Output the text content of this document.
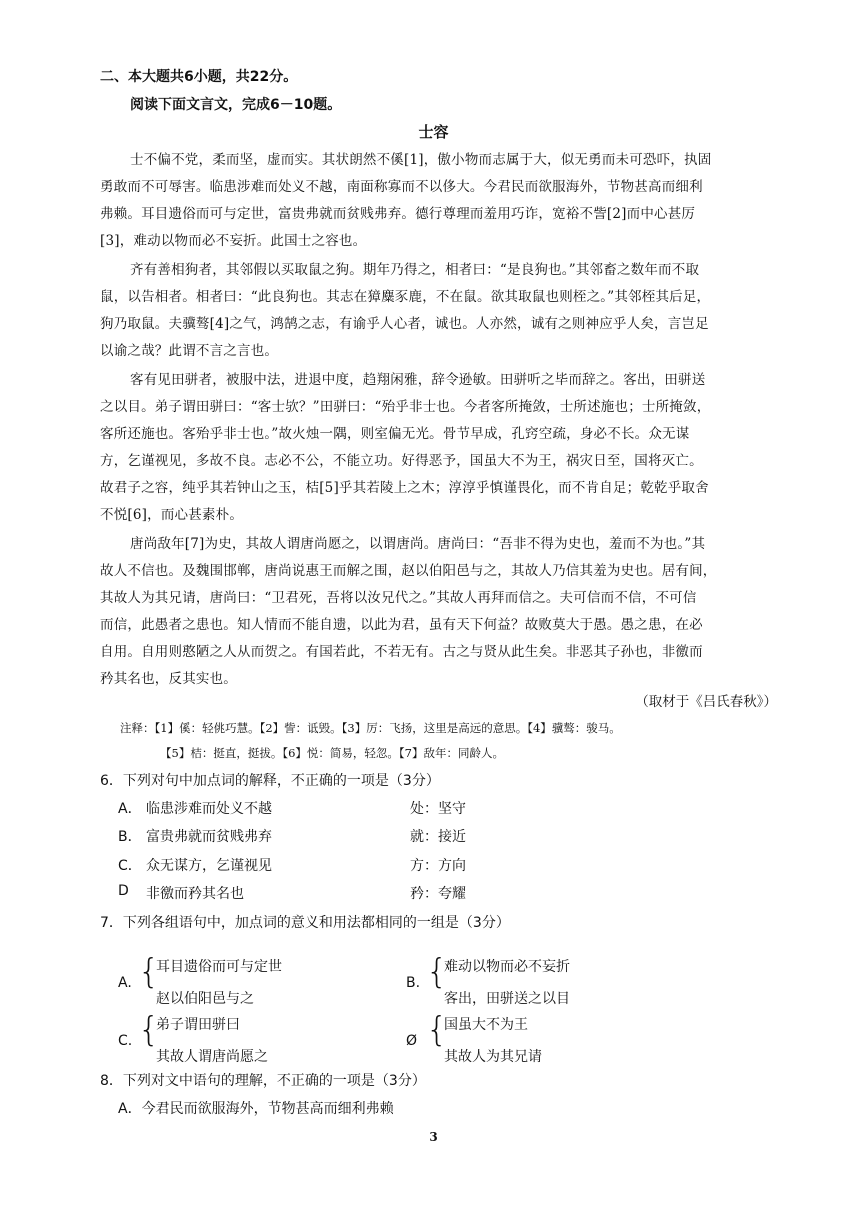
二、本大题共6小题，共22分。
阅读下面文言文，完成6－10题。
士容
士不偏不党，柔而坚，虚而实。其状朗然不傒[1]，傲小物而志属于大，似无勇而未可恐吓，执固
勇敢而不可辱害。临患涉难而处义不越，南面称寡而不以侈大。今君民而欲服海外，节物甚高而细利
弗赖。耳目遗俗而可与定世，富贵弗就而贫贱弗弃。德行尊理而羞用巧诈，宽裕不訾[2]而中心甚厉
[3]，难动以物而必不妄折。此国士之容也。
齐有善相狗者，其邻假以买取鼠之狗。期年乃得之，相者曰：“是良狗也。”其邻畜之数年而不取
鼠，以告相者。相者曰：“此良狗也。其志在獐麋豕鹿，不在鼠。欲其取鼠也则桎之。”其邻桎其后足，
狗乃取鼠。夫骥骜[4]之气，鸿鹄之志，有谕乎人心者，诚也。人亦然，诚有之则神应乎人矣，言岂足
以谕之哉？此谓不言之言也。
客有见田骈者，被服中法，进退中度，趋翔闲雅，辞令逊敏。田骈听之毕而辞之。客出，田骈送
之以目。弟子谓田骈曰：“客士欤？”田骈曰：“殆乎非士也。今者客所掩敛，士所述施也；士所掩敛，
客所还施也。客殆乎非士也。”故火烛一隅，则室偏无光。骨节早成，孔窍空疏，身必不长。众无谋
方，乞谨视见，多故不良。志必不公，不能立功。好得恶予，国虽大不为王，祸灾日至，国将灭亡。
故君子之容，纯乎其若钟山之玉，桔[5]乎其若陵上之木；淳淳乎慎谨畏化，而不肯自足；乾乾乎取舍
不悦[6]，而心甚素朴。
唐尚敌年[7]为史，其故人谓唐尚愿之，以谓唐尚。唐尚曰：“吾非不得为史也，羞而不为也。”其
故人不信也。及魏围邯郸，唐尚说惠王而解之围，赵以伯阳邑与之，其故人乃信其羞为史也。居有间，
其故人为其兄请，唐尚曰：“卫君死，吾将以汝兄代之。”其故人再拜而信之。夫可信而不信，不可信
而信，此愚者之患也。知人情而不能自遗，以此为君，虽有天下何益？故败莫大于愚。愚之患，在必
自用。自用则憨陋之人从而贺之。有国若此，不若无有。古之与贤从此生矣。非恶其子孙也，非徼而
矜其名也，反其实也。
（取材于《吕氏春秋》）
注释：【1】傒：轻佻巧慧。【2】訾：诋毁。【3】厉：飞扬，这里是高远的意思。【4】骥骜：骏马。
【5】桔：挺直，挺拔。【6】悦：简易，轻忽。【7】敌年：同龄人。
6．下列对句中加点词的解释，不正确的一项是（3分）
A． 临患涉难而处义不越	处：坚守
B． 富贵弗就而贫贱弗弃	就：接近
C． 众无谋方，乞谨视见	方：方向
D 非徼而矜其名也	矜：夸耀
7．下列各组语句中，加点词的意义和用法都相同的一组是（3分）
A. {
耳目遗俗而可与定世
赵以伯阳邑与之
B. {
难动以物而必不妄折
客出，田骈送之以目
C. {
弟子谓田骈曰
其故人谓唐尚愿之
Ø {
国虽大不为王
其故人为其兄请
8．下列对文中语句的理解，不正确的一项是（3分）
A．今君民而欲服海外，节物甚高而细利弗赖
3
